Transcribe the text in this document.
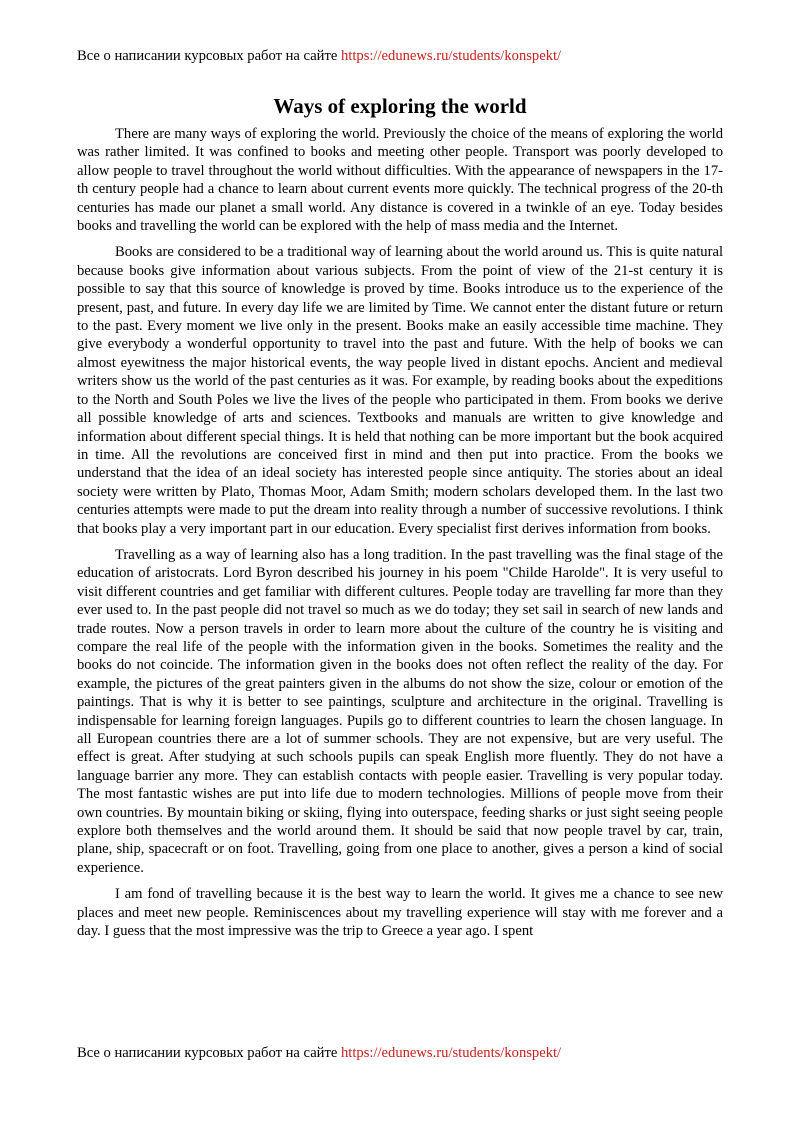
Все о написании курсовых работ на сайте https://edunews.ru/students/konspekt/
Ways of exploring the world

There are many ways of exploring the world. Previously the choice of the means of exploring the world was rather limited. It was confined to books and meeting other people. Transport was poorly developed to allow people to travel throughout the world without difficulties. With the appearance of newspapers in the 17-th century people had a chance to learn about current events more quickly. The technical progress of the 20-th centuries has made our planet a small world. Any distance is covered in a twinkle of an eye. Today besides books and travelling the world can be explored with the help of mass media and the Internet.

Books are considered to be a traditional way of learning about the world around us. This is quite natural because books give information about various subjects. From the point of view of the 21-st century it is possible to say that this source of knowledge is proved by time. Books introduce us to the experience of the present, past, and future. In every day life we are limited by Time. We cannot enter the distant future or return to the past. Every moment we live only in the present. Books make an easily accessible time machine. They give everybody a wonderful opportunity to travel into the past and future. With the help of books we can almost eyewitness the major historical events, the way people lived in distant epochs. Ancient and medieval writers show us the world of the past centuries as it was. For example, by reading books about the expeditions to the North and South Poles we live the lives of the people who participated in them. From books we derive all possible knowledge of arts and sciences. Textbooks and manuals are written to give knowledge and information about different special things. It is held that nothing can be more important but the book acquired in time. All the revolutions are conceived first in mind and then put into practice. From the books we understand that the idea of an ideal society has interested people since antiquity. The stories about an ideal society were written by Plato, Thomas Moor, Adam Smith; modern scholars developed them. In the last two centuries attempts were made to put the dream into reality through a number of successive revolutions. I think that books play a very important part in our education. Every specialist first derives information from books.

Travelling as a way of learning also has a long tradition. In the past travelling was the final stage of the education of aristocrats. Lord Byron described his journey in his poem "Childe Harolde". It is very useful to visit different countries and get familiar with different cultures. People today are travelling far more than they ever used to. In the past people did not travel so much as we do today; they set sail in search of new lands and trade routes. Now a person travels in order to learn more about the culture of the country he is visiting and compare the real life of the people with the information given in the books. Sometimes the reality and the books do not coincide. The information given in the books does not often reflect the reality of the day. For example, the pictures of the great painters given in the albums do not show the size, colour or emotion of the paintings. That is why it is better to see paintings, sculpture and architecture in the original. Travelling is indispensable for learning foreign languages. Pupils go to different countries to learn the chosen language. In all European countries there are a lot of summer schools. They are not expensive, but are very useful. The effect is great. After studying at such schools pupils can speak English more fluently. They do not have a language barrier any more. They can establish contacts with people easier. Travelling is very popular today. The most fantastic wishes are put into life due to modern technologies. Millions of people move from their own countries. By mountain biking or skiing, flying into outerspace, feeding sharks or just sight seeing people explore both themselves and the world around them. It should be said that now people travel by car, train, plane, ship, spacecraft or on foot. Travelling, going from one place to another, gives a person a kind of social experience.

I am fond of travelling because it is the best way to learn the world. It gives me a chance to see new places and meet new people. Reminiscences about my travelling experience will stay with me forever and a day. I guess that the most impressive was the trip to Greece a year ago. I spent

Все о написании курсовых работ на сайте https://edunews.ru/students/konspekt/
